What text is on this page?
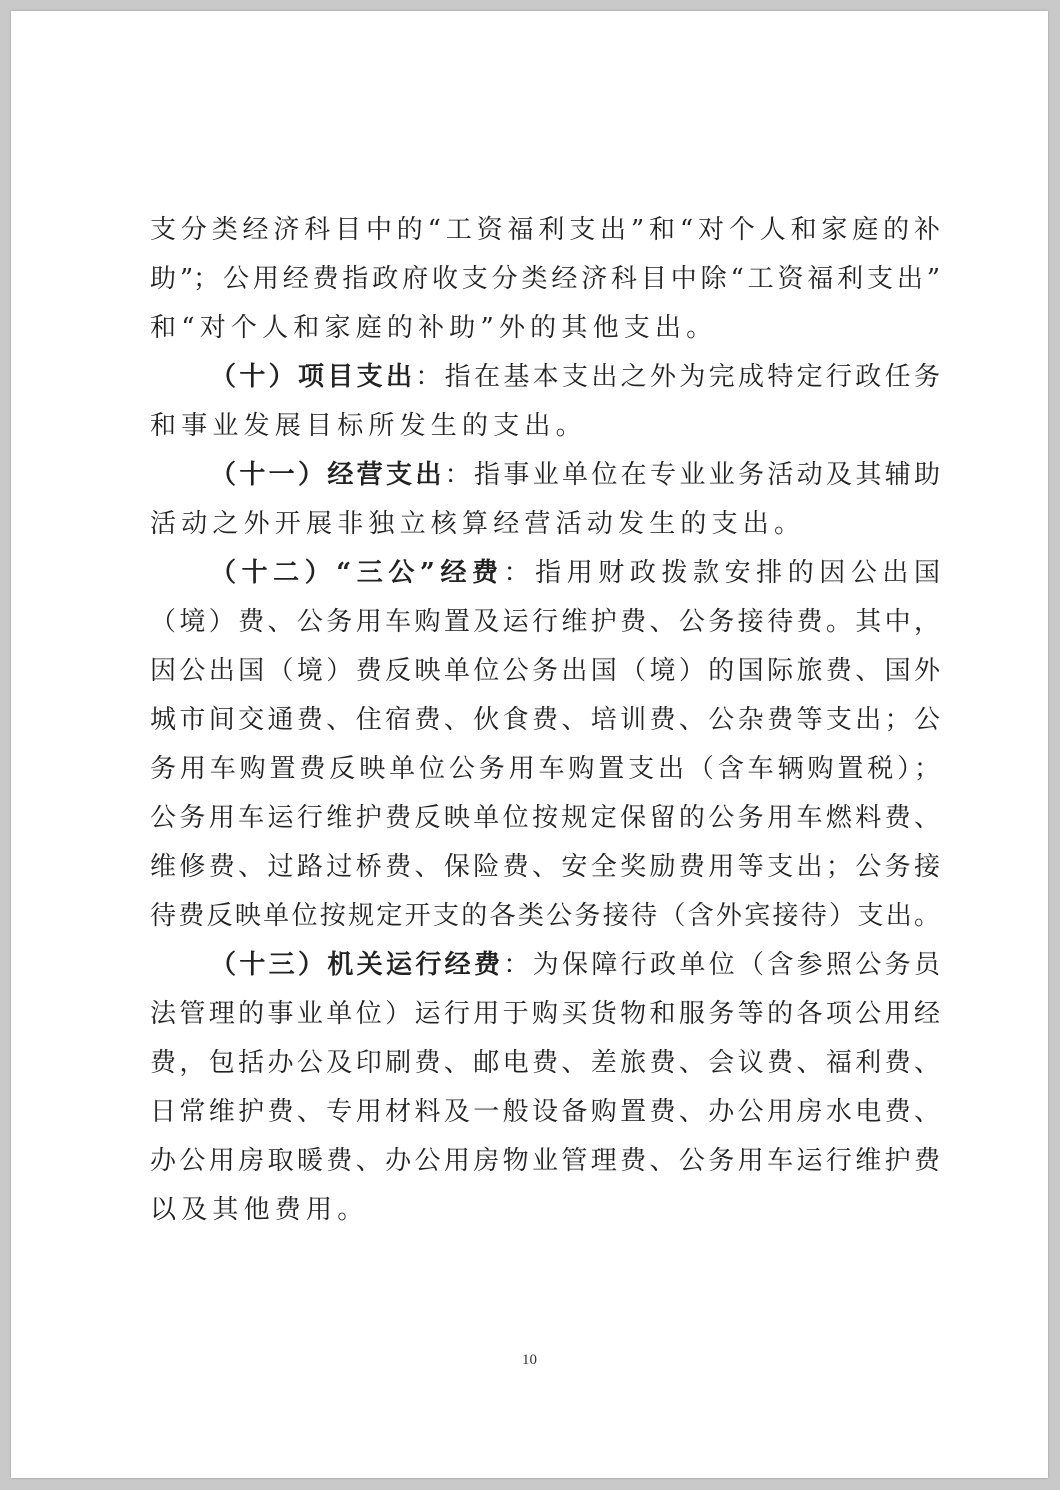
支分类经济科目中的“工资福利支出”和“对个人和家庭的补
助”；公用经费指政府收支分类经济科目中除“工资福利支出”
和“对个人和家庭的补助”外的其他支出。
（十）项目支出：指在基本支出之外为完成特定行政任务
和事业发展目标所发生的支出。
（十一）经营支出：指事业单位在专业业务活动及其辅助
活动之外开展非独立核算经营活动发生的支出。
（十二）“三公”经费：指用财政拨款安排的因公出国
（境）费、公务用车购置及运行维护费、公务接待费。其中，
因公出国（境）费反映单位公务出国（境）的国际旅费、国外
城市间交通费、住宿费、伙食费、培训费、公杂费等支出；公
务用车购置费反映单位公务用车购置支出（含车辆购置税）；
公务用车运行维护费反映单位按规定保留的公务用车燃料费、
维修费、过路过桥费、保险费、安全奖励费用等支出；公务接
待费反映单位按规定开支的各类公务接待（含外宾接待）支出。
（十三）机关运行经费：为保障行政单位（含参照公务员
法管理的事业单位）运行用于购买货物和服务等的各项公用经
费，包括办公及印刷费、邮电费、差旅费、会议费、福利费、
日常维护费、专用材料及一般设备购置费、办公用房水电费、
办公用房取暖费、办公用房物业管理费、公务用车运行维护费
以及其他费用。
10
